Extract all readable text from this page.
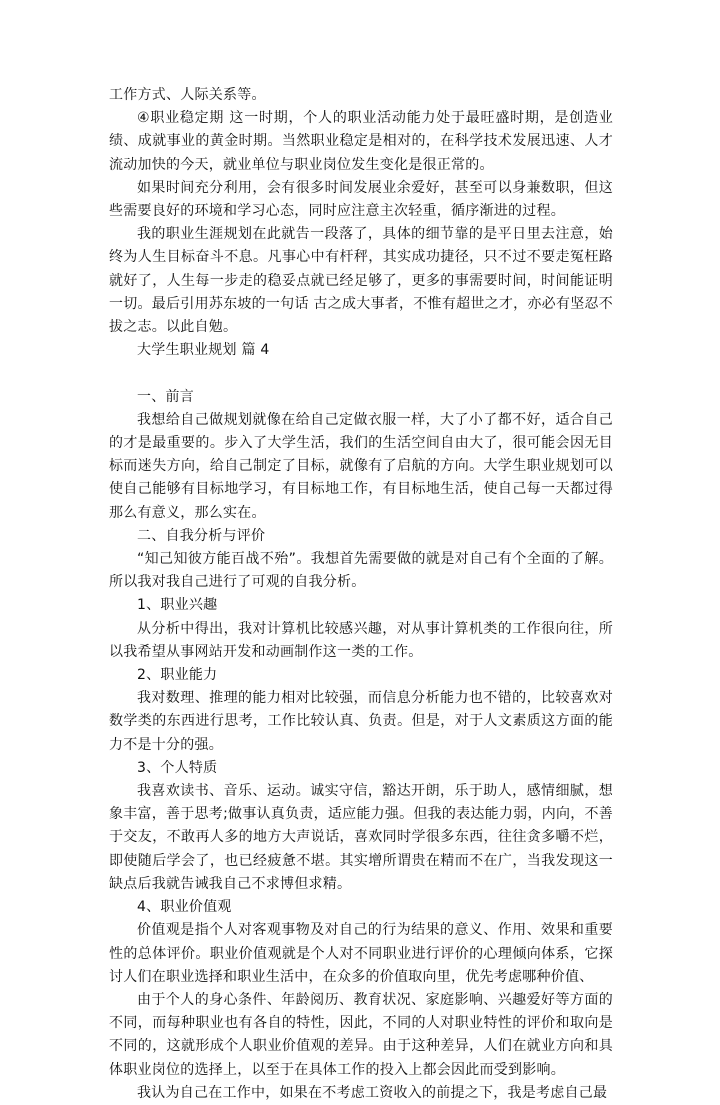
工作方式、人际关系等。

④职业稳定期 这一时期，个人的职业活动能力处于最旺盛时期，是创造业绩、成就事业的黄金时期。当然职业稳定是相对的，在科学技术发展迅速、人才流动加快的今天，就业单位与职业岗位发生变化是很正常的。

如果时间充分利用，会有很多时间发展业余爱好，甚至可以身兼数职，但这些需要良好的环境和学习心态，同时应注意主次轻重，循序渐进的过程。

我的职业生涯规划在此就告一段落了，具体的细节靠的是平日里去注意，始终为人生目标奋斗不息。凡事心中有杆秤，其实成功捷径，只不过不要走冤枉路就好了，人生每一步走的稳妥点就已经足够了，更多的事需要时间，时间能证明一切。最后引用苏东坡的一句话 古之成大事者，不惟有超世之才，亦必有坚忍不拔之志。以此自勉。

大学生职业规划 篇 4

一、前言

我想给自己做规划就像在给自己定做衣服一样，大了小了都不好，适合自己的才是最重要的。步入了大学生活，我们的生活空间自由大了，很可能会因无目标而迷失方向，给自己制定了目标，就像有了启航的方向。大学生职业规划可以使自己能够有目标地学习，有目标地工作，有目标地生活，使自己每一天都过得那么有意义，那么实在。

二、自我分析与评价

“知己知彼方能百战不殆”。我想首先需要做的就是对自己有个全面的了解。所以我对我自己进行了可观的自我分析。

1、职业兴趣

从分析中得出，我对计算机比较感兴趣，对从事计算机类的工作很向往，所以我希望从事网站开发和动画制作这一类的工作。

2、职业能力

我对数理、推理的能力相对比较强，而信息分析能力也不错的，比较喜欢对数学类的东西进行思考，工作比较认真、负责。但是，对于人文素质这方面的能力不是十分的强。

3、个人特质

我喜欢读书、音乐、运动。诚实守信，豁达开朗，乐于助人，感情细腻，想象丰富，善于思考;做事认真负责，适应能力强。但我的表达能力弱，内向，不善于交友，不敢再人多的地方大声说话，喜欢同时学很多东西，往往贪多嚼不烂，即使随后学会了，也已经疲惫不堪。其实增所谓贵在精而不在广，当我发现这一缺点后我就告诫我自己不求博但求精。

4、职业价值观

价值观是指个人对客观事物及对自己的行为结果的意义、作用、效果和重要性的总体评价。职业价值观就是个人对不同职业进行评价的心理倾向体系，它探讨人们在职业选择和职业生活中，在众多的价值取向里，优先考虑哪种价值、

由于个人的身心条件、年龄阅历、教育状况、家庭影响、兴趣爱好等方面的不同，而每种职业也有各自的特性，因此，不同的人对职业特性的评价和取向是不同的，这就形成个人职业价值观的差异。由于这种差异，人们在就业方向和具体职业岗位的选择上，以至于在具体工作的投入上都会因此而受到影响。

我认为自己在工作中，如果在不考虑工资收入的前提之下，我是考虑自己最
